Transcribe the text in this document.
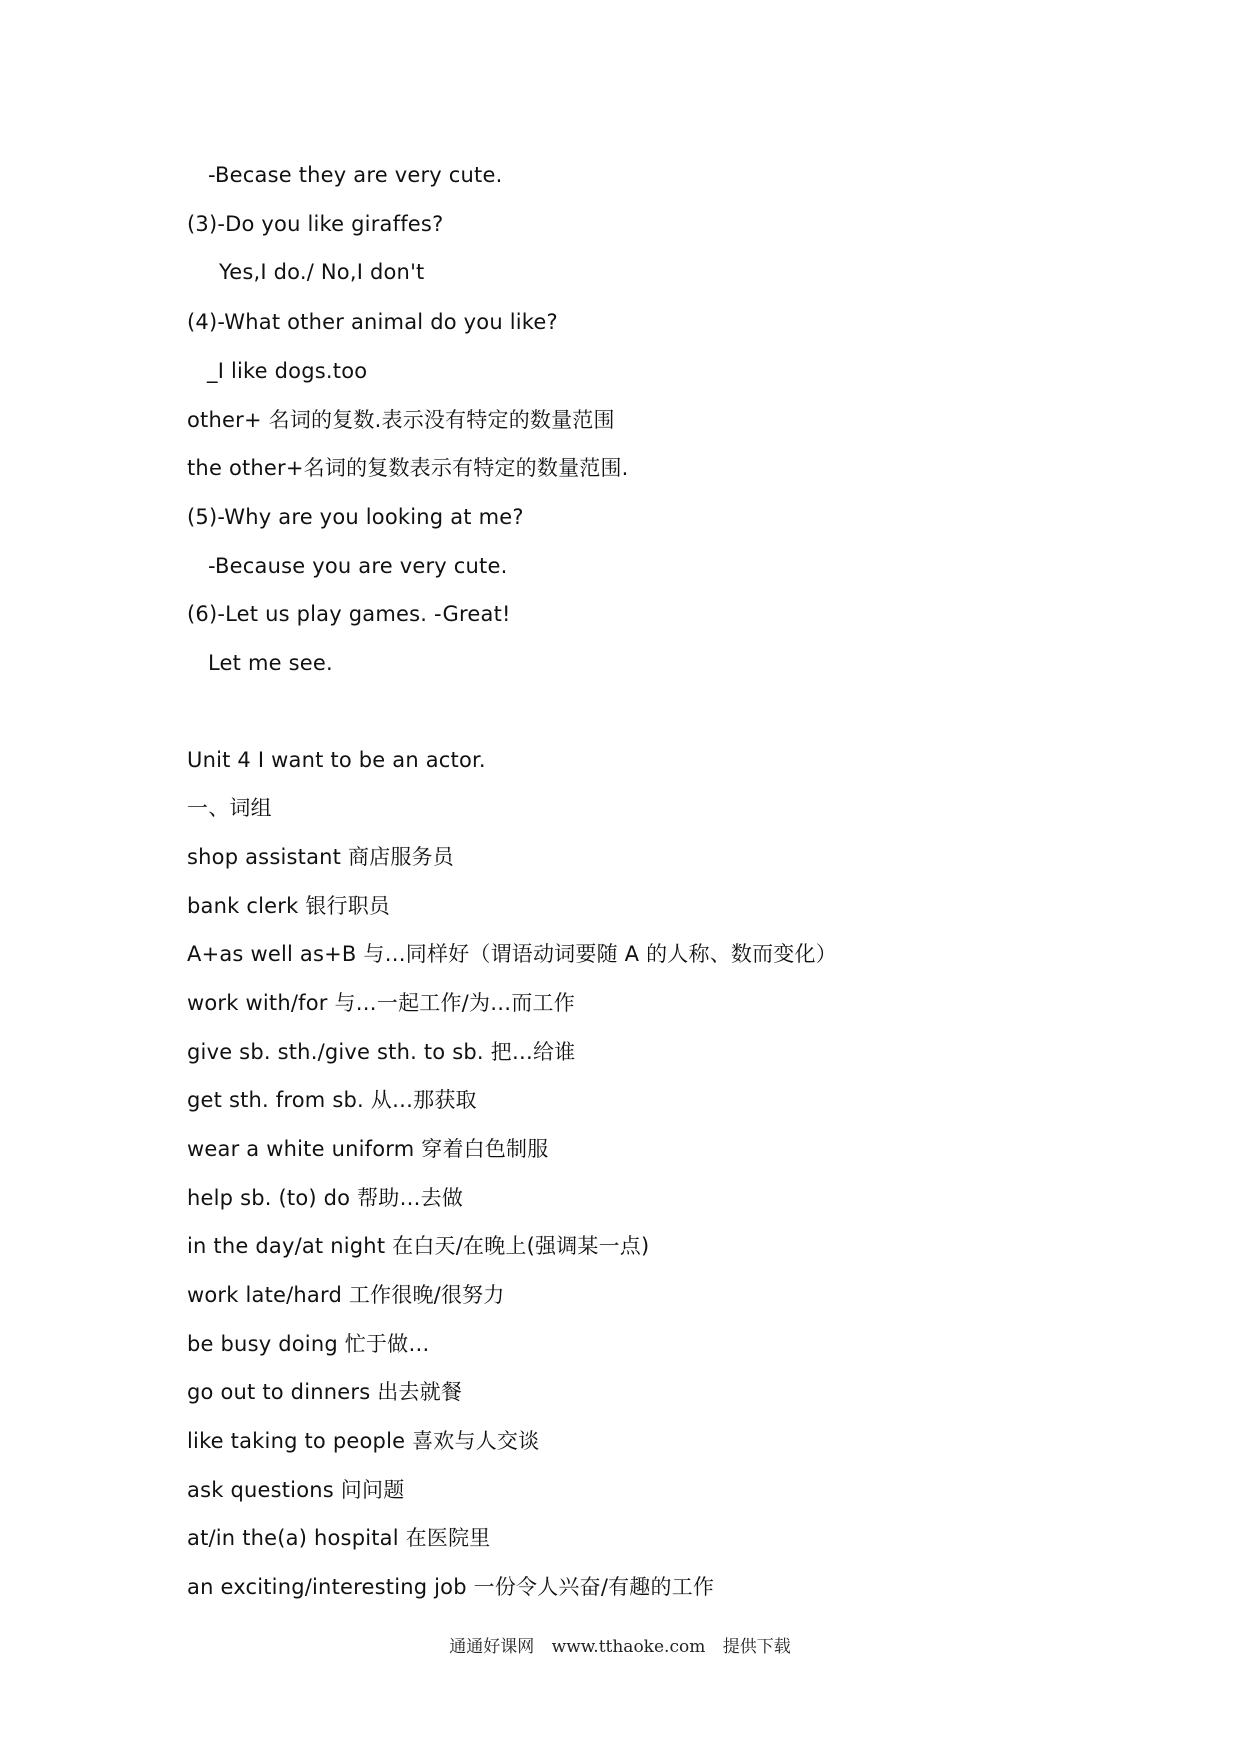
-Becase they are very cute.
(3)-Do you like giraffes?
Yes,I do./ No,I don't
(4)-What other animal do you like?
_I like dogs.too
other+ 名词的复数.表示没有特定的数量范围
the other+名词的复数表示有特定的数量范围.
(5)-Why are you looking at me?
-Because you are very cute.
(6)-Let us play games. -Great!
Let me see.
Unit 4 I want to be an actor.
一、词组
shop assistant 商店服务员
bank clerk 银行职员
A+as well as+B 与…同样好（谓语动词要随 A 的人称、数而变化）
work with/for 与…一起工作/为…而工作
give sb. sth./give sth. to sb. 把…给谁
get sth. from sb. 从…那获取
wear a white uniform 穿着白色制服
help sb. (to) do 帮助…去做
in the day/at night 在白天/在晚上(强调某一点)
work late/hard 工作很晚/很努力
be busy doing 忙于做…
go out to dinners 出去就餐
like taking to people 喜欢与人交谈
ask questions 问问题
at/in the(a) hospital 在医院里
an exciting/interesting job 一份令人兴奋/有趣的工作
通通好课网 www.tthaoke.com 提供下载
